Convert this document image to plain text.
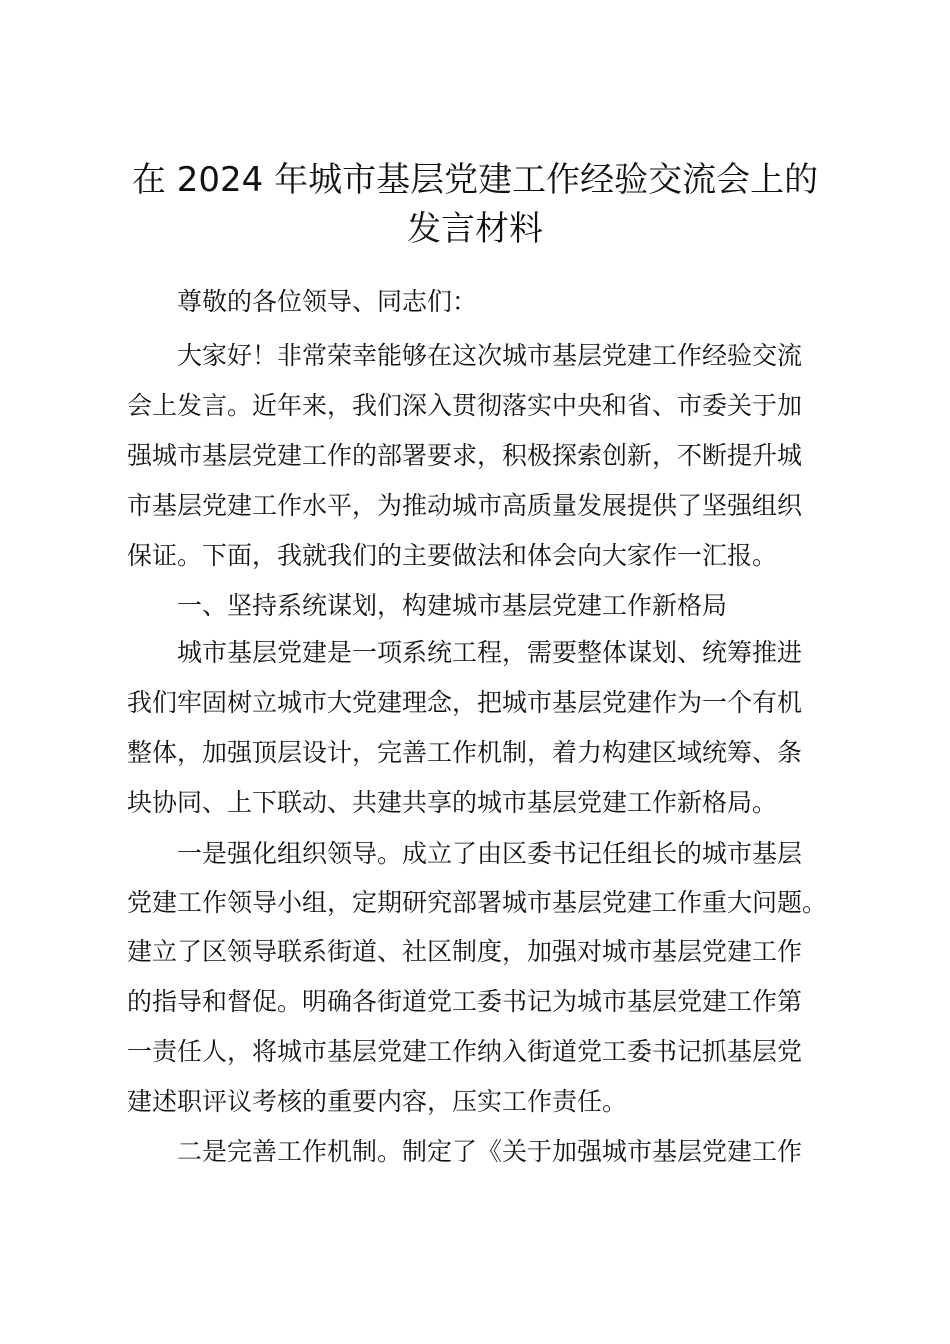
在 2024 年城市基层党建工作经验交流会上的
发言材料

尊敬的各位领导、同志们：

大家好！非常荣幸能够在这次城市基层党建工作经验交流

会上发言。近年来，我们深入贯彻落实中央和省、市委关于加

强城市基层党建工作的部署要求，积极探索创新，不断提升城

市基层党建工作水平，为推动城市高质量发展提供了坚强组织

保证。下面，我就我们的主要做法和体会向大家作一汇报。

一、坚持系统谋划，构建城市基层党建工作新格局

城市基层党建是一项系统工程，需要整体谋划、统筹推进

我们牢固树立城市大党建理念，把城市基层党建作为一个有机

整体，加强顶层设计，完善工作机制，着力构建区域统筹、条

块协同、上下联动、共建共享的城市基层党建工作新格局。

一是强化组织领导。成立了由区委书记任组长的城市基层

党建工作领导小组，定期研究部署城市基层党建工作重大问题。

建立了区领导联系街道、社区制度，加强对城市基层党建工作

的指导和督促。明确各街道党工委书记为城市基层党建工作第

一责任人，将城市基层党建工作纳入街道党工委书记抓基层党

建述职评议考核的重要内容，压实工作责任。

二是完善工作机制。制定了《关于加强城市基层党建工作
